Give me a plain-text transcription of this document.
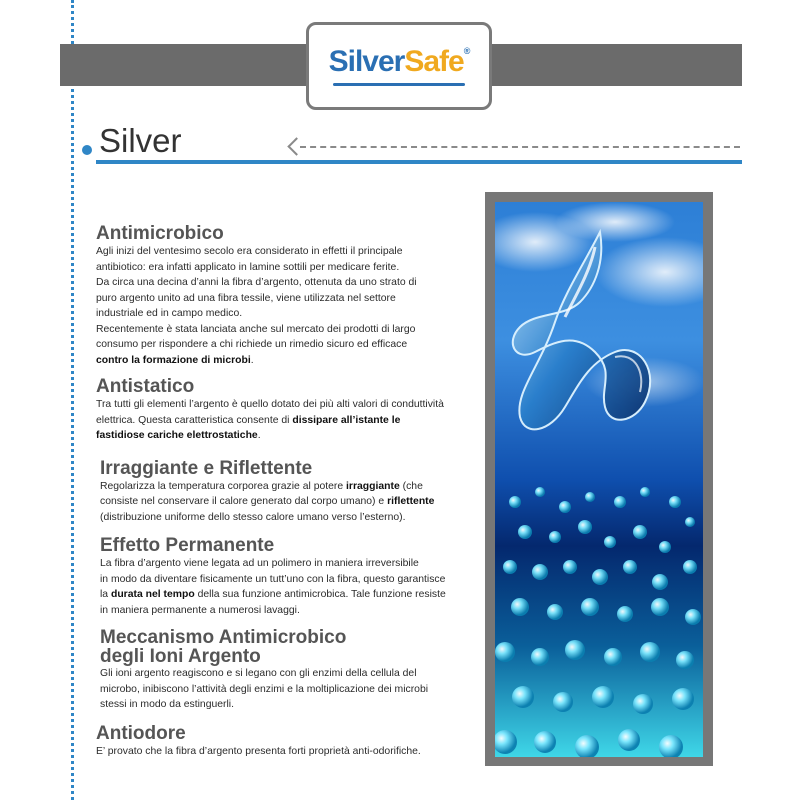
SilverSafe®
Silver
Antimicrobico

Agli inizi del ventesimo secolo era considerato in effetti il principale
antibiotico: era infatti applicato in lamine sottili per medicare ferite.
Da circa una decina d’anni la fibra d’argento, ottenuta da uno strato di
puro argento unito ad una fibra tessile, viene utilizzata nel settore
industriale ed in campo medico.
Recentemente è stata lanciata anche sul mercato dei prodotti di largo
consumo per rispondere a chi richiede un rimedio sicuro ed efficace
contro la formazione di microbi.

Antistatico

Tra tutti gli elementi l’argento è quello dotato dei più alti valori di conduttività
elettrica. Questa caratteristica consente di dissipare all’istante le
fastidiose cariche elettrostatiche.

Irraggiante e Riflettente

Regolarizza la temperatura corporea grazie al potere irraggiante (che
consiste nel conservare il calore generato dal corpo umano) e riflettente
(distribuzione uniforme dello stesso calore umano verso l’esterno).

Effetto Permanente

La fibra d’argento viene legata ad un polimero in maniera irreversibile
in modo da diventare fisicamente un tutt’uno con la fibra, questo garantisce
la durata nel tempo della sua funzione antimicrobica. Tale funzione resiste
in maniera permanente a numerosi lavaggi.

Meccanismo Antimicrobico
degli Ioni Argento

Gli ioni argento reagiscono e si legano con gli enzimi della cellula del
microbo, inibiscono l’attività degli enzimi e la moltiplicazione dei microbi
stessi in modo da estinguerli.

Antiodore

E’ provato che la fibra d’argento presenta forti proprietà anti-odorifiche.
